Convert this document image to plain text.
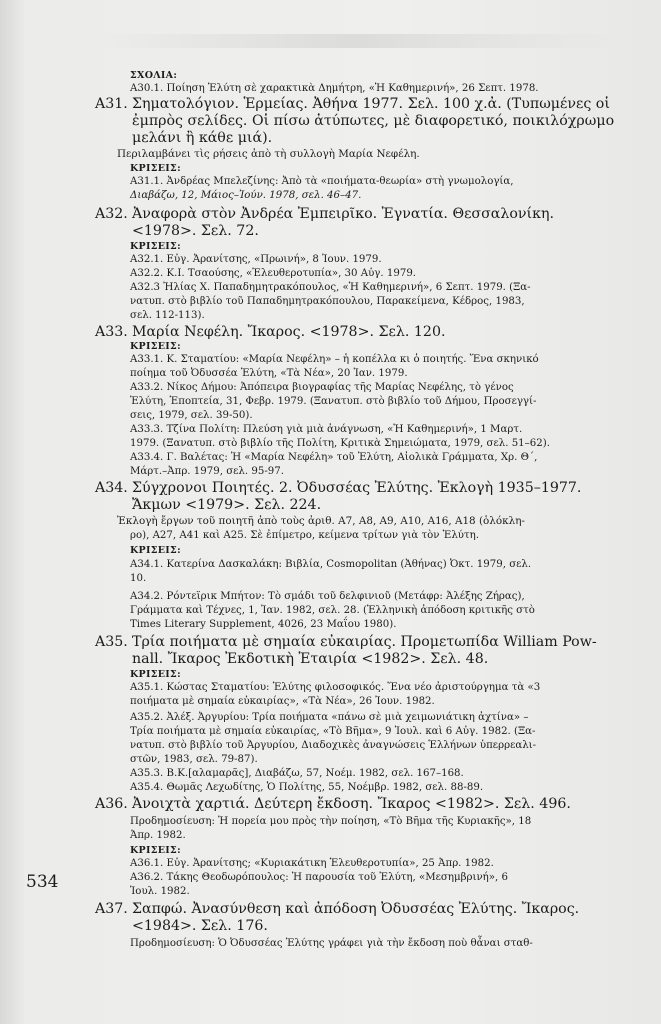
ΣΧΟΛΙΑ:
Α30.1. Ποίηση Ἐλύτη σὲ χαρακτικὰ Δημήτρη, «Ἡ Καθημερινή», 26 Σεπτ. 1978.
Α31. Σηματολόγιον. Ἑρμείας. Ἀθήνα 1977. Σελ. 100 χ.ἀ. (Τυπωμένες οἱ
ἐμπρὸς σελίδες. Οἱ πίσω ἀτύπωτες, μὲ διαφορετικό, ποικιλόχρωμο
μελάνι ἢ κάθε μιά).
Περιλαμβάνει τὶς ρήσεις ἀπὸ τὴ συλλογὴ Μαρία Νεφέλη.
ΚΡΙΣΕΙΣ:
Α31.1. Ἀνδρέας Μπελεζίνης: Ἀπὸ τὰ «ποιήματα-θεωρία» στὴ γνωμολογία,
Διαβάζω, 12, Μάιος–Ἰούν. 1978, σελ. 46–47.
Α32. Ἀναφορὰ στὸν Ἀνδρέα Ἐμπειρῖκο. Ἐγνατία. Θεσσαλονίκη.
<1978>. Σελ. 72.
ΚΡΙΣΕΙΣ:
Α32.1. Εὐγ. Ἀρανίτσης, «Πρωινή», 8 Ἰουν. 1979.
Α32.2. Κ.Ι. Τσαούσης, «Ἐλευθεροτυπία», 30 Αὐγ. 1979.
Α32.3 Ἠλίας Χ. Παπαδημητρακόπουλος, «Ἡ Καθημερινή», 6 Σεπτ. 1979. (Ξα-
νατυπ. στὸ βιβλίο τοῦ Παπαδημητρακόπουλου, Παρακείμενα, Κέδρος, 1983,
σελ. 112-113).
Α33. Μαρία Νεφέλη. Ἴκαρος. <1978>. Σελ. 120.
ΚΡΙΣΕΙΣ:
Α33.1. Κ. Σταματίου: «Μαρία Νεφέλη» – ἡ κοπέλλα κι ὁ ποιητής. Ἕνα σκηνικό
ποίημα τοῦ Ὀδυσσέα Ἐλύτη, «Τὰ Νέα», 20 Ἰαν. 1979.
Α33.2. Νίκος Δήμου: Ἀπόπειρα βιογραφίας τῆς Μαρίας Νεφέλης, τὸ γένος
Ἐλύτη, Ἐποπτεία, 31, Φεβρ. 1979. (Ξανατυπ. στὸ βιβλίο τοῦ Δήμου, Προσεγγί-
σεις, 1979, σελ. 39-50).
Α33.3. Τζίνα Πολίτη: Πλεύση γιὰ μιὰ ἀνάγνωση, «Ἡ Καθημερινή», 1 Μαρτ.
1979. (Ξανατυπ. στὸ βιβλίο τῆς Πολίτη, Κριτικὰ Σημειώματα, 1979, σελ. 51–62).
Α33.4. Γ. Βαλέτας: Ἡ «Μαρία Νεφέλη» τοῦ Ἐλύτη, Αἰολικὰ Γράμματα, Χρ. Θ΄,
Μάρτ.–Ἀπρ. 1979, σελ. 95-97.
Α34. Σύγχρονοι Ποιητές. 2. Ὀδυσσέας Ἐλύτης. Ἐκλογὴ 1935–1977.
Ἄκμων <1979>. Σελ. 224.
Ἐκλογὴ ἔργων τοῦ ποιητῆ ἀπὸ τοὺς ἀριθ. Α7, Α8, Α9, Α10, Α16, Α18 (ὁλόκλη-
ρο), Α27, Α41 καὶ Α25. Σὲ ἐπίμετρο, κείμενα τρίτων γιὰ τὸν Ἐλύτη.
ΚΡΙΣΕΙΣ:
Α34.1. Κατερίνα Δασκαλάκη: Βιβλία, Cosmopolitan (Ἀθήνας) Ὀκτ. 1979, σελ.
10.
Α34.2. Ρόντεϊρικ Μπήτον: Τὸ σμάδι τοῦ δελφινιοῦ (Μετάφρ: Ἀλέξης Ζήρας),
Γράμματα καὶ Τέχνες, 1, Ἰαν. 1982, σελ. 28. (Ἑλληνικὴ ἀπόδοση κριτικῆς στὸ
Times Literary Supplement, 4026, 23 Μαΐου 1980).
Α35. Τρία ποιήματα μὲ σημαία εὐκαιρίας. Προμετωπίδα William Pow-
nall. Ἴκαρος Ἐκδοτικὴ Ἑταιρία <1982>. Σελ. 48.
ΚΡΙΣΕΙΣ:
Α35.1. Κώστας Σταματίου: Ἐλύτης φιλοσοφικός. Ἕνα νέο ἀριστούργημα τὰ «3
ποιήματα μὲ σημαία εὐκαιρίας», «Τὰ Νέα», 26 Ἰουν. 1982.
Α35.2. Ἀλέξ. Ἀργυρίου: Τρία ποιήματα «πάνω σὲ μιὰ χειμωνιάτικη ἀχτίνα» –
Τρία ποιήματα μὲ σημαία εὐκαιρίας, «Τὸ Βῆμα», 9 Ἰουλ. καὶ 6 Αὐγ. 1982. (Ξα-
νατυπ. στὸ βιβλίο τοῦ Ἀργυρίου, Διαδοχικὲς ἀναγνώσεις Ἑλλήνων ὑπερρεαλι-
στῶν, 1983, σελ. 79-87).
Α35.3. Β.Κ.[αλαμαρᾶς], Διαβάζω, 57, Νοέμ. 1982, σελ. 167–168.
Α35.4. Θωμᾶς Λεχωδίτης, Ὁ Πολίτης, 55, Νοέμβρ. 1982, σελ. 88-89.
Α36. Ἀνοιχτὰ χαρτιά. Δεύτερη ἔκδοση. Ἴκαρος <1982>. Σελ. 496.
Προδημοσίευση: Ἡ πορεία μου πρὸς τὴν ποίηση, «Τὸ Βῆμα τῆς Κυριακῆς», 18
Ἀπρ. 1982.
ΚΡΙΣΕΙΣ:
Α36.1. Εὐγ. Ἀρανίτσης; «Κυριακάτικη Ἐλευθεροτυπία», 25 Ἀπρ. 1982.
Α36.2. Τάκης Θεοδωρόπουλος: Ἡ παρουσία τοῦ Ἐλύτη, «Μεσημβρινή», 6
Ἰουλ. 1982.
Α37. Σαπφώ. Ἀνασύνθεση καὶ ἀπόδοση Ὀδυσσέας Ἐλύτης. Ἴκαρος.
<1984>. Σελ. 176.
Προδημοσίευση: Ὁ Ὀδυσσέας Ἐλύτης γράφει γιὰ τὴν ἔκδοση ποὺ θἆναι σταθ-
534
